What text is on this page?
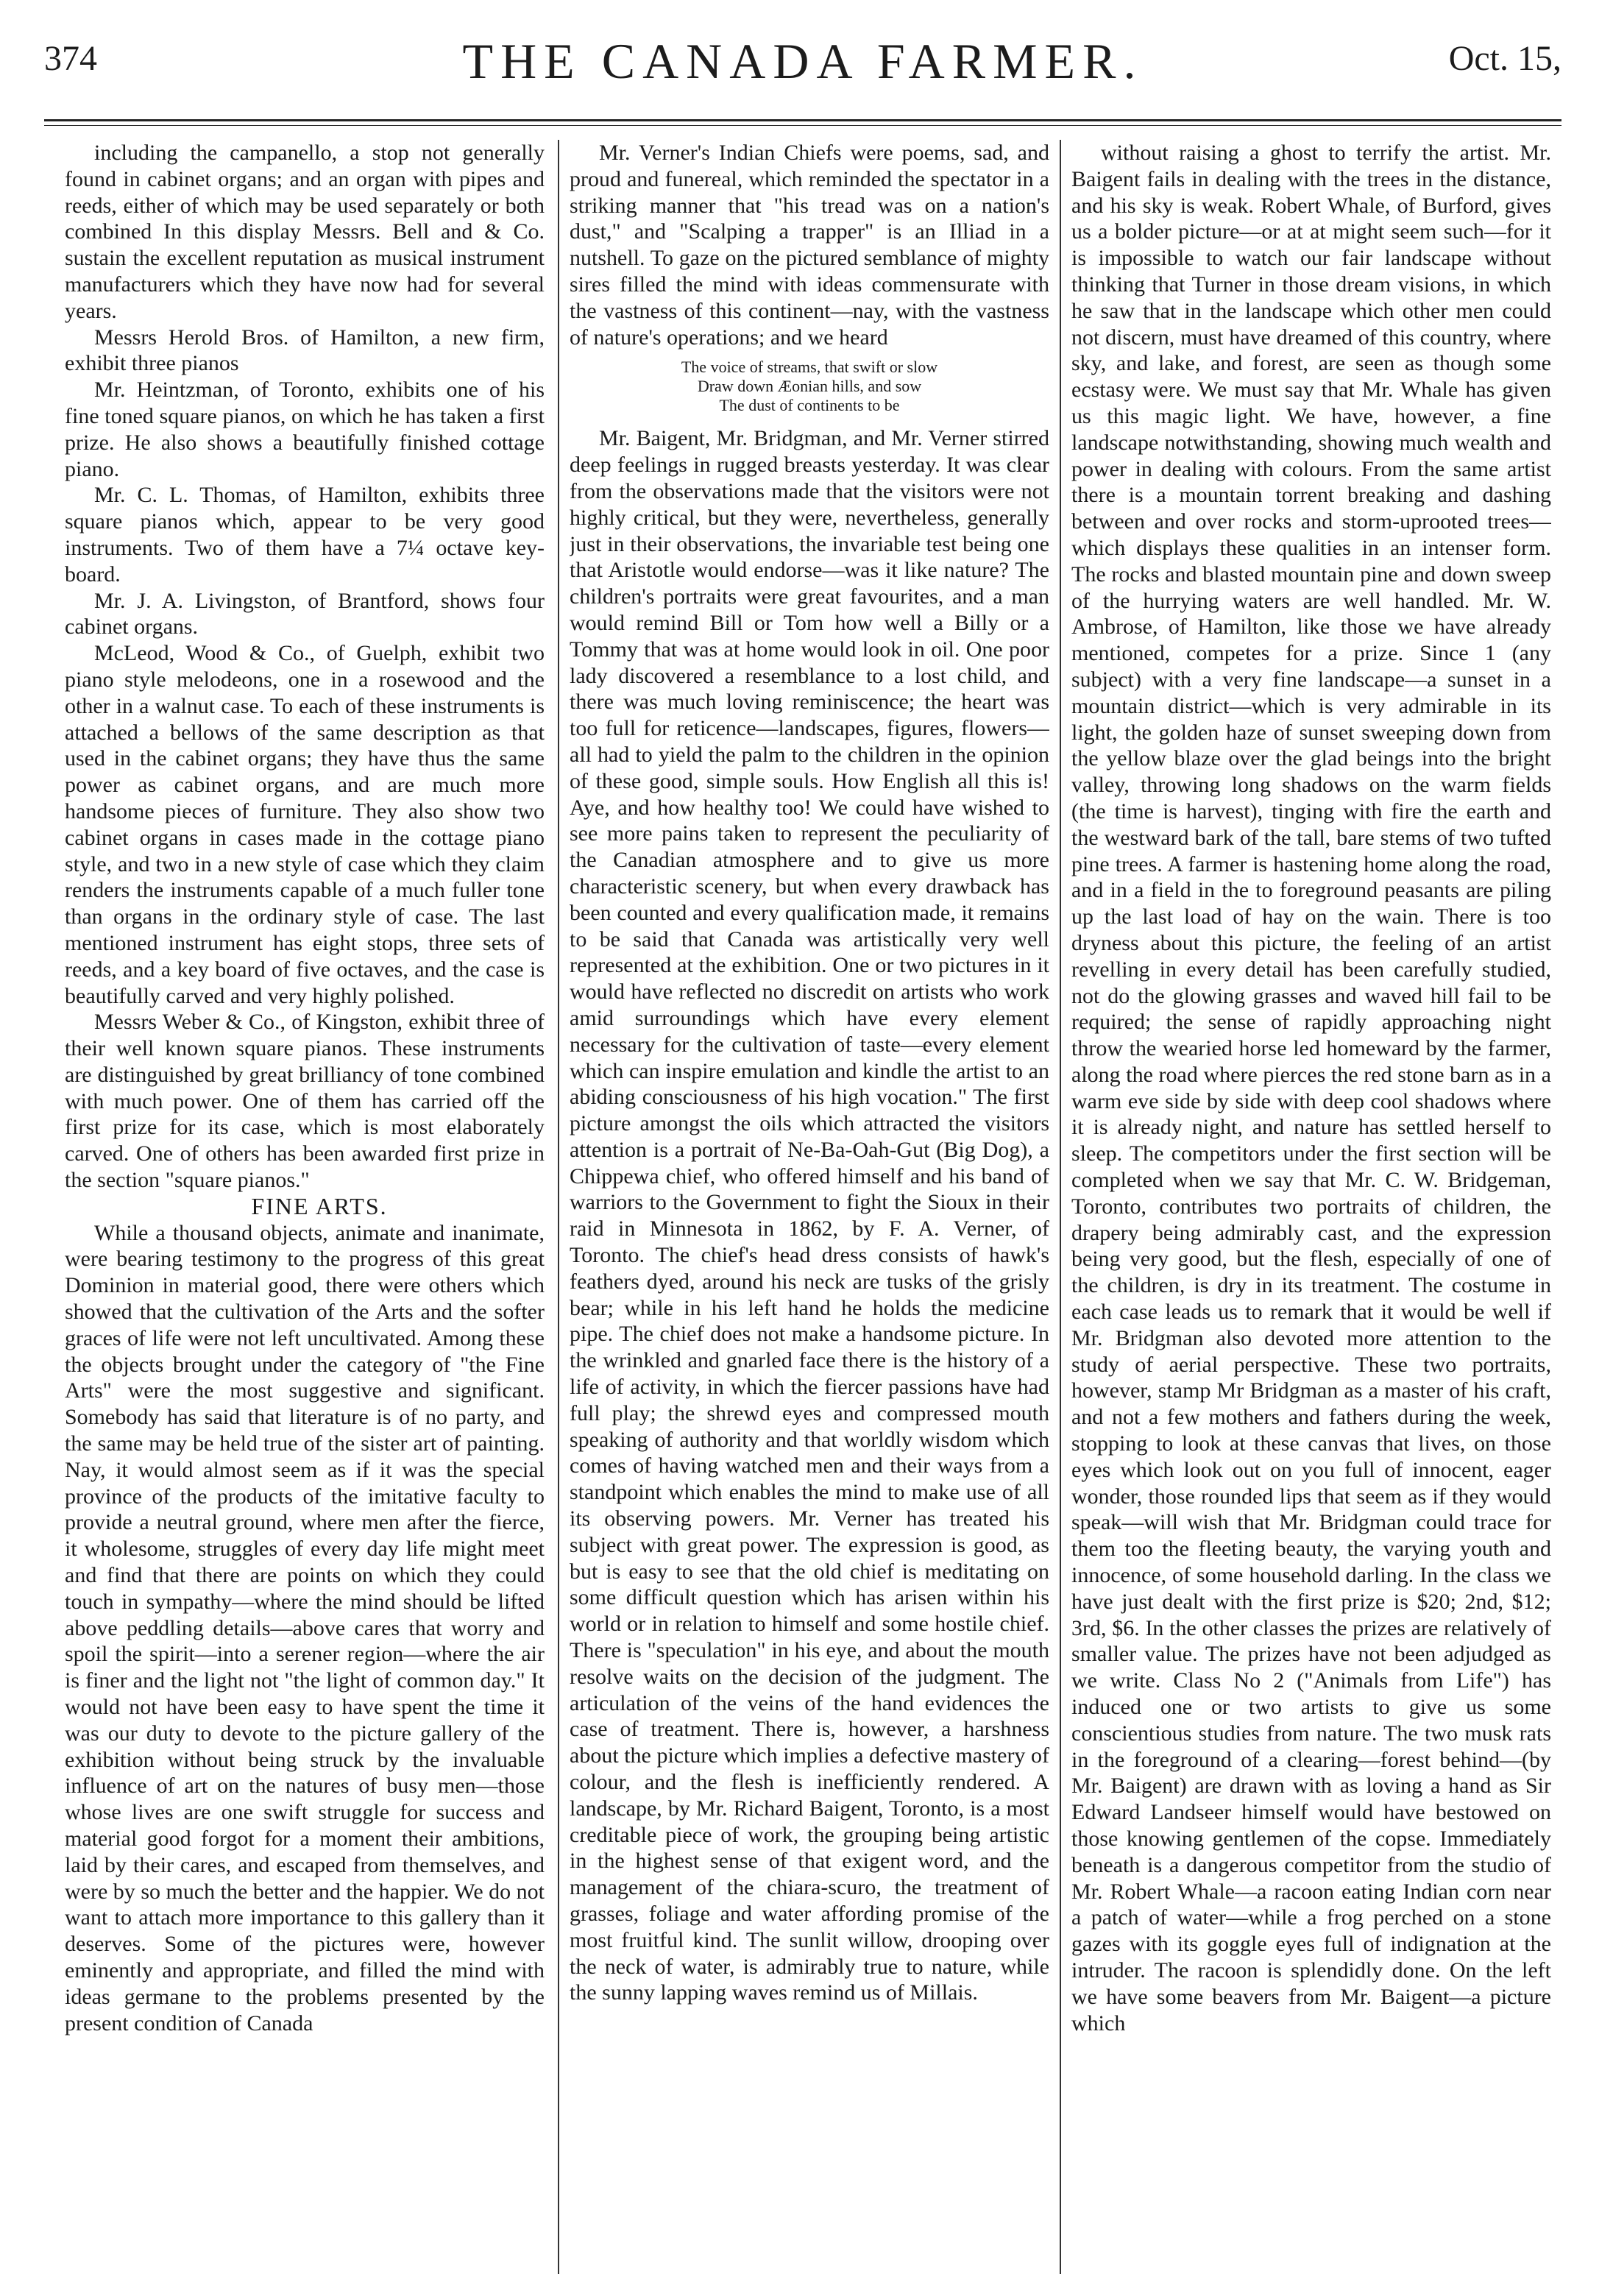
374	THE CANADA FARMER.	Oct. 15,

including the campanello, a stop not generally found in cabinet organs; and an organ with pipes and reeds, either of which may be used separately or both combined In this display Messrs. Bell and & Co. sustain the excellent reputation as musical instrument manufacturers which they have now had for several years.

Messrs Herold Bros. of Hamilton, a new firm, exhibit three pianos

Mr. Heintzman, of Toronto, exhibits one of his fine toned square pianos, on which he has taken a first prize. He also shows a beautifully finished cottage piano.

Mr. C. L. Thomas, of Hamilton, exhibits three square pianos which, appear to be very good instruments. Two of them have a 7¼ octave key-board.

Mr. J. A. Livingston, of Brantford, shows four cabinet organs.

McLeod, Wood & Co., of Guelph, exhibit two piano style melodeons, one in a rosewood and the other in a walnut case. To each of these instruments is attached a bellows of the same description as that used in the cabinet organs; they have thus the same power as cabinet organs, and are much more handsome pieces of furniture. They also show two cabinet organs in cases made in the cottage piano style, and two in a new style of case which they claim renders the instruments capable of a much fuller tone than organs in the ordinary style of case. The last mentioned instrument has eight stops, three sets of reeds, and a key board of five octaves, and the case is beautifully carved and very highly polished.

Messrs Weber & Co., of Kingston, exhibit three of their well known square pianos. These instruments are distinguished by great brilliancy of tone combined with much power. One of them has carried off the first prize for its case, which is most elaborately carved. One of others has been awarded first prize in the section "square pianos."

FINE ARTS.

While a thousand objects, animate and inanimate, were bearing testimony to the progress of this great Dominion in material good, there were others which showed that the cultivation of the Arts and the softer graces of life were not left uncultivated. Among these the objects brought under the category of "the Fine Arts" were the most suggestive and significant. Somebody has said that literature is of no party, and the same may be held true of the sister art of painting. Nay, it would almost seem as if it was the special province of the products of the imitative faculty to provide a neutral ground, where men after the fierce, it wholesome, struggles of every day life might meet and find that there are points on which they could touch in sympathy—where the mind should be lifted above peddling details—above cares that worry and spoil the spirit—into a serener region—where the air is finer and the light not "the light of common day." It would not have been easy to have spent the time it was our duty to devote to the picture gallery of the exhibition without being struck by the invaluable influence of art on the natures of busy men—those whose lives are one swift struggle for success and material good forgot for a moment their ambitions, laid by their cares, and escaped from themselves, and were by so much the better and the happier. We do not want to attach more importance to this gallery than it deserves. Some of the pictures were, however eminently and appropriate, and filled the mind with ideas germane to the problems presented by the present condition of Canada

Mr. Verner's Indian Chiefs were poems, sad, and proud and funereal, which reminded the spectator in a striking manner that "his tread was on a nation's dust," and "Scalping a trapper" is an Illiad in a nutshell. To gaze on the pictured semblance of mighty sires filled the mind with ideas commensurate with the vastness of this continent—nay, with the vastness of nature's operations; and we heard

The voice of streams, that swift or slow
Draw down Æonian hills, and sow
The dust of continents to be

Mr. Baigent, Mr. Bridgman, and Mr. Verner stirred deep feelings in rugged breasts yesterday. It was clear from the observations made that the visitors were not highly critical, but they were, nevertheless, generally just in their observations, the invariable test being one that Aristotle would endorse—was it like nature? The children's portraits were great favourites, and a man would remind Bill or Tom how well a Billy or a Tommy that was at home would look in oil. One poor lady discovered a resemblance to a lost child, and there was much loving reminiscence; the heart was too full for reticence—landscapes, figures, flowers—all had to yield the palm to the children in the opinion of these good, simple souls. How English all this is! Aye, and how healthy too! We could have wished to see more pains taken to represent the peculiarity of the Canadian atmosphere and to give us more characteristic scenery, but when every drawback has been counted and every qualification made, it remains to be said that Canada was artistically very well represented at the exhibition. One or two pictures in it would have reflected no discredit on artists who work amid surroundings which have every element necessary for the cultivation of taste—every element which can inspire emulation and kindle the artist to an abiding consciousness of his high vocation." The first picture amongst the oils which attracted the visitors attention is a portrait of Ne-Ba-Oah-Gut (Big Dog), a Chippewa chief, who offered himself and his band of warriors to the Government to fight the Sioux in their raid in Minnesota in 1862, by F. A. Verner, of Toronto. The chief's head dress consists of hawk's feathers dyed, around his neck are tusks of the grisly bear; while in his left hand he holds the medicine pipe. The chief does not make a handsome picture. In the wrinkled and gnarled face there is the history of a life of activity, in which the fiercer passions have had full play; the shrewd eyes and compressed mouth speaking of authority and that worldly wisdom which comes of having watched men and their ways from a standpoint which enables the mind to make use of all its observing powers. Mr. Verner has treated his subject with great power. The expression is good, as but is easy to see that the old chief is meditating on some difficult question which has arisen within his world or in relation to himself and some hostile chief. There is "speculation" in his eye, and about the mouth resolve waits on the decision of the judgment. The articulation of the veins of the hand evidences the case of treatment. There is, however, a harshness about the picture which implies a defective mastery of colour, and the flesh is inefficiently rendered. A landscape, by Mr. Richard Baigent, Toronto, is a most creditable piece of work, the grouping being artistic in the highest sense of that exigent word, and the management of the chiara-scuro, the treatment of grasses, foliage and water affording promise of the most fruitful kind. The sunlit willow, drooping over the neck of water, is admirably true to nature, while the sunny lapping waves remind us of Millais.

without raising a ghost to terrify the artist. Mr. Baigent fails in dealing with the trees in the distance, and his sky is weak. Robert Whale, of Burford, gives us a bolder picture—or at at might seem such—for it is impossible to watch our fair landscape without thinking that Turner in those dream visions, in which he saw that in the landscape which other men could not discern, must have dreamed of this country, where sky, and lake, and forest, are seen as though some ecstasy were. We must say that Mr. Whale has given us this magic light. We have, however, a fine landscape notwithstanding, showing much wealth and power in dealing with colours. From the same artist there is a mountain torrent breaking and dashing between and over rocks and storm-uprooted trees—which displays these qualities in an intenser form. The rocks and blasted mountain pine and down sweep of the hurrying waters are well handled. Mr. W. Ambrose, of Hamilton, like those we have already mentioned, competes for a prize. Since 1 (any subject) with a very fine landscape—a sunset in a mountain district—which is very admirable in its light, the golden haze of sunset sweeping down from the yellow blaze over the glad beings into the bright valley, throwing long shadows on the warm fields (the time is harvest), tinging with fire the earth and the westward bark of the tall, bare stems of two tufted pine trees. A farmer is hastening home along the road, and in a field in the to foreground peasants are piling up the last load of hay on the wain. There is too dryness about this picture, the feeling of an artist revelling in every detail has been carefully studied, not do the glowing grasses and waved hill fail to be required; the sense of rapidly approaching night throw the wearied horse led homeward by the farmer, along the road where pierces the red stone barn as in a warm eve side by side with deep cool shadows where it is already night, and nature has settled herself to sleep. The competitors under the first section will be completed when we say that Mr. C. W. Bridgeman, Toronto, contributes two portraits of children, the drapery being admirably cast, and the expression being very good, but the flesh, especially of one of the children, is dry in its treatment. The costume in each case leads us to remark that it would be well if Mr. Bridgman also devoted more attention to the study of aerial perspective. These two portraits, however, stamp Mr Bridgman as a master of his craft, and not a few mothers and fathers during the week, stopping to look at these canvas that lives, on those eyes which look out on you full of innocent, eager wonder, those rounded lips that seem as if they would speak—will wish that Mr. Bridgman could trace for them too the fleeting beauty, the varying youth and innocence, of some household darling. In the class we have just dealt with the first prize is $20; 2nd, $12; 3rd, $6. In the other classes the prizes are relatively of smaller value. The prizes have not been adjudged as we write. Class No 2 ("Animals from Life") has induced one or two artists to give us some conscientious studies from nature. The two musk rats in the foreground of a clearing—forest behind—(by Mr. Baigent) are drawn with as loving a hand as Sir Edward Landseer himself would have bestowed on those knowing gentlemen of the copse. Immediately beneath is a dangerous competitor from the studio of Mr. Robert Whale—a racoon eating Indian corn near a patch of water—while a frog perched on a stone gazes with its goggle eyes full of indignation at the intruder. The racoon is splendidly done. On the left we have some beavers from Mr. Baigent—a picture which
